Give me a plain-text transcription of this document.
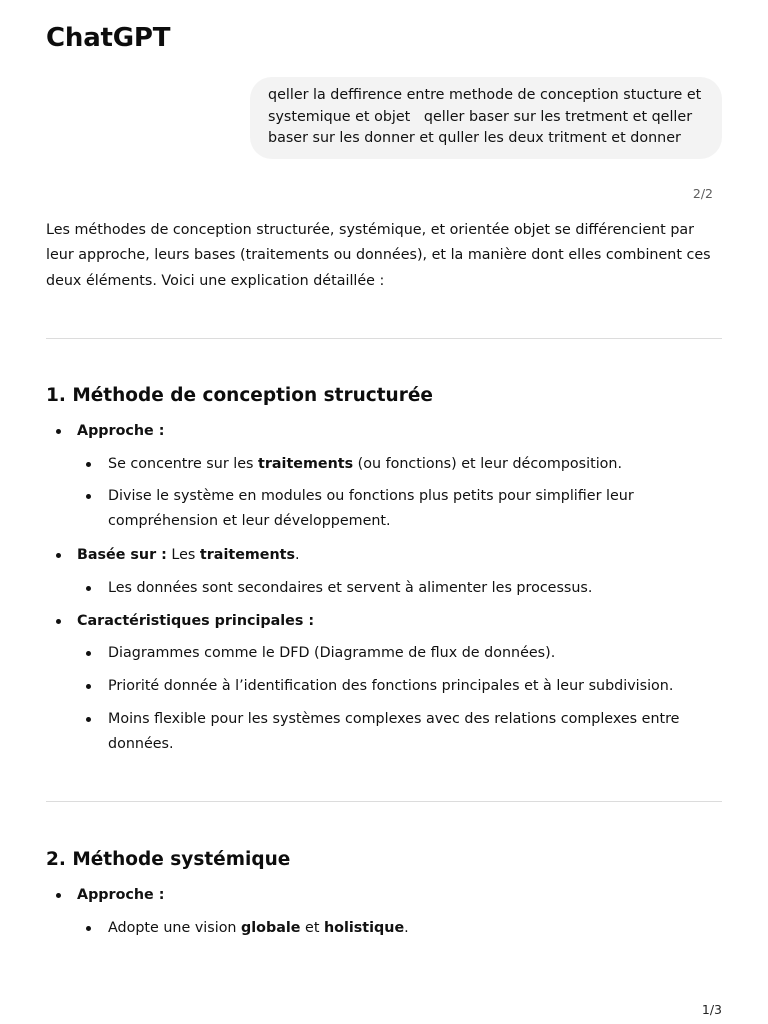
ChatGPT
qeller la deffirence entre methode de conception stucture et systemique et objet   qeller baser sur les tretment et qeller baser sur les donner et quller les deux tritment et donner
2/2

Les méthodes de conception structurée, systémique, et orientée objet se différencient par leur approche, leurs bases (traitements ou données), et la manière dont elles combinent ces deux éléments. Voici une explication détaillée :

1. Méthode de conception structurée
Approche :
Se concentre sur les traitements (ou fonctions) et leur décomposition.
Divise le système en modules ou fonctions plus petits pour simplifier leur compréhension et leur développement.
Basée sur : Les traitements.
Les données sont secondaires et servent à alimenter les processus.
Caractéristiques principales :
Diagrammes comme le DFD (Diagramme de flux de données).
Priorité donnée à l’identification des fonctions principales et à leur subdivision.
Moins flexible pour les systèmes complexes avec des relations complexes entre données.
2. Méthode systémique
Approche :
Adopte une vision globale et holistique.
1/3
